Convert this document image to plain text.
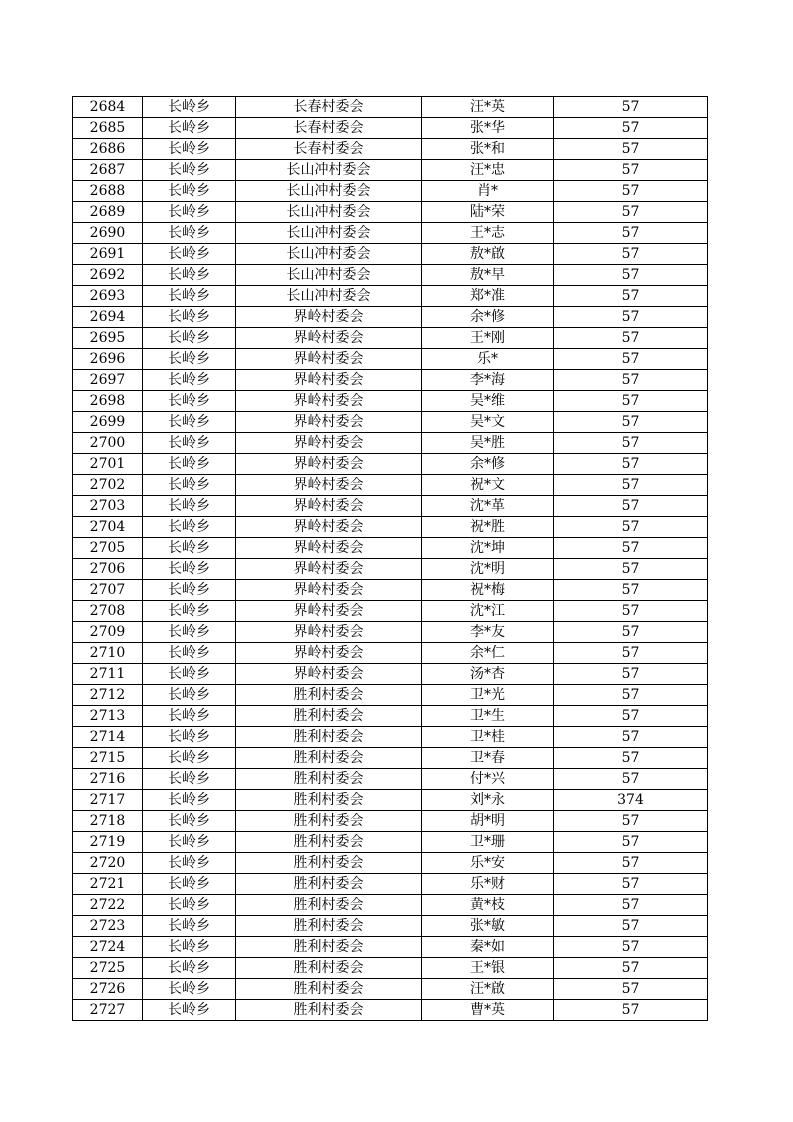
2684	长岭乡	长春村委会	汪*英	57
2685	长岭乡	长春村委会	张*华	57
2686	长岭乡	长春村委会	张*和	57
2687	长岭乡	长山冲村委会	汪*忠	57
2688	长岭乡	长山冲村委会	肖*	57
2689	长岭乡	长山冲村委会	陆*荣	57
2690	长岭乡	长山冲村委会	王*志	57
2691	长岭乡	长山冲村委会	敖*啟	57
2692	长岭乡	长山冲村委会	敖*早	57
2693	长岭乡	长山冲村委会	郑*准	57
2694	长岭乡	界岭村委会	余*修	57
2695	长岭乡	界岭村委会	王*刚	57
2696	长岭乡	界岭村委会	乐*	57
2697	长岭乡	界岭村委会	李*海	57
2698	长岭乡	界岭村委会	吴*维	57
2699	长岭乡	界岭村委会	吴*文	57
2700	长岭乡	界岭村委会	吴*胜	57
2701	长岭乡	界岭村委会	余*修	57
2702	长岭乡	界岭村委会	祝*文	57
2703	长岭乡	界岭村委会	沈*革	57
2704	长岭乡	界岭村委会	祝*胜	57
2705	长岭乡	界岭村委会	沈*坤	57
2706	长岭乡	界岭村委会	沈*明	57
2707	长岭乡	界岭村委会	祝*梅	57
2708	长岭乡	界岭村委会	沈*江	57
2709	长岭乡	界岭村委会	李*友	57
2710	长岭乡	界岭村委会	余*仁	57
2711	长岭乡	界岭村委会	汤*杏	57
2712	长岭乡	胜利村委会	卫*光	57
2713	长岭乡	胜利村委会	卫*生	57
2714	长岭乡	胜利村委会	卫*桂	57
2715	长岭乡	胜利村委会	卫*春	57
2716	长岭乡	胜利村委会	付*兴	57
2717	长岭乡	胜利村委会	刘*永	374
2718	长岭乡	胜利村委会	胡*明	57
2719	长岭乡	胜利村委会	卫*珊	57
2720	长岭乡	胜利村委会	乐*安	57
2721	长岭乡	胜利村委会	乐*财	57
2722	长岭乡	胜利村委会	黄*枝	57
2723	长岭乡	胜利村委会	张*敏	57
2724	长岭乡	胜利村委会	秦*如	57
2725	长岭乡	胜利村委会	王*银	57
2726	长岭乡	胜利村委会	汪*啟	57
2727	长岭乡	胜利村委会	曹*英	57
